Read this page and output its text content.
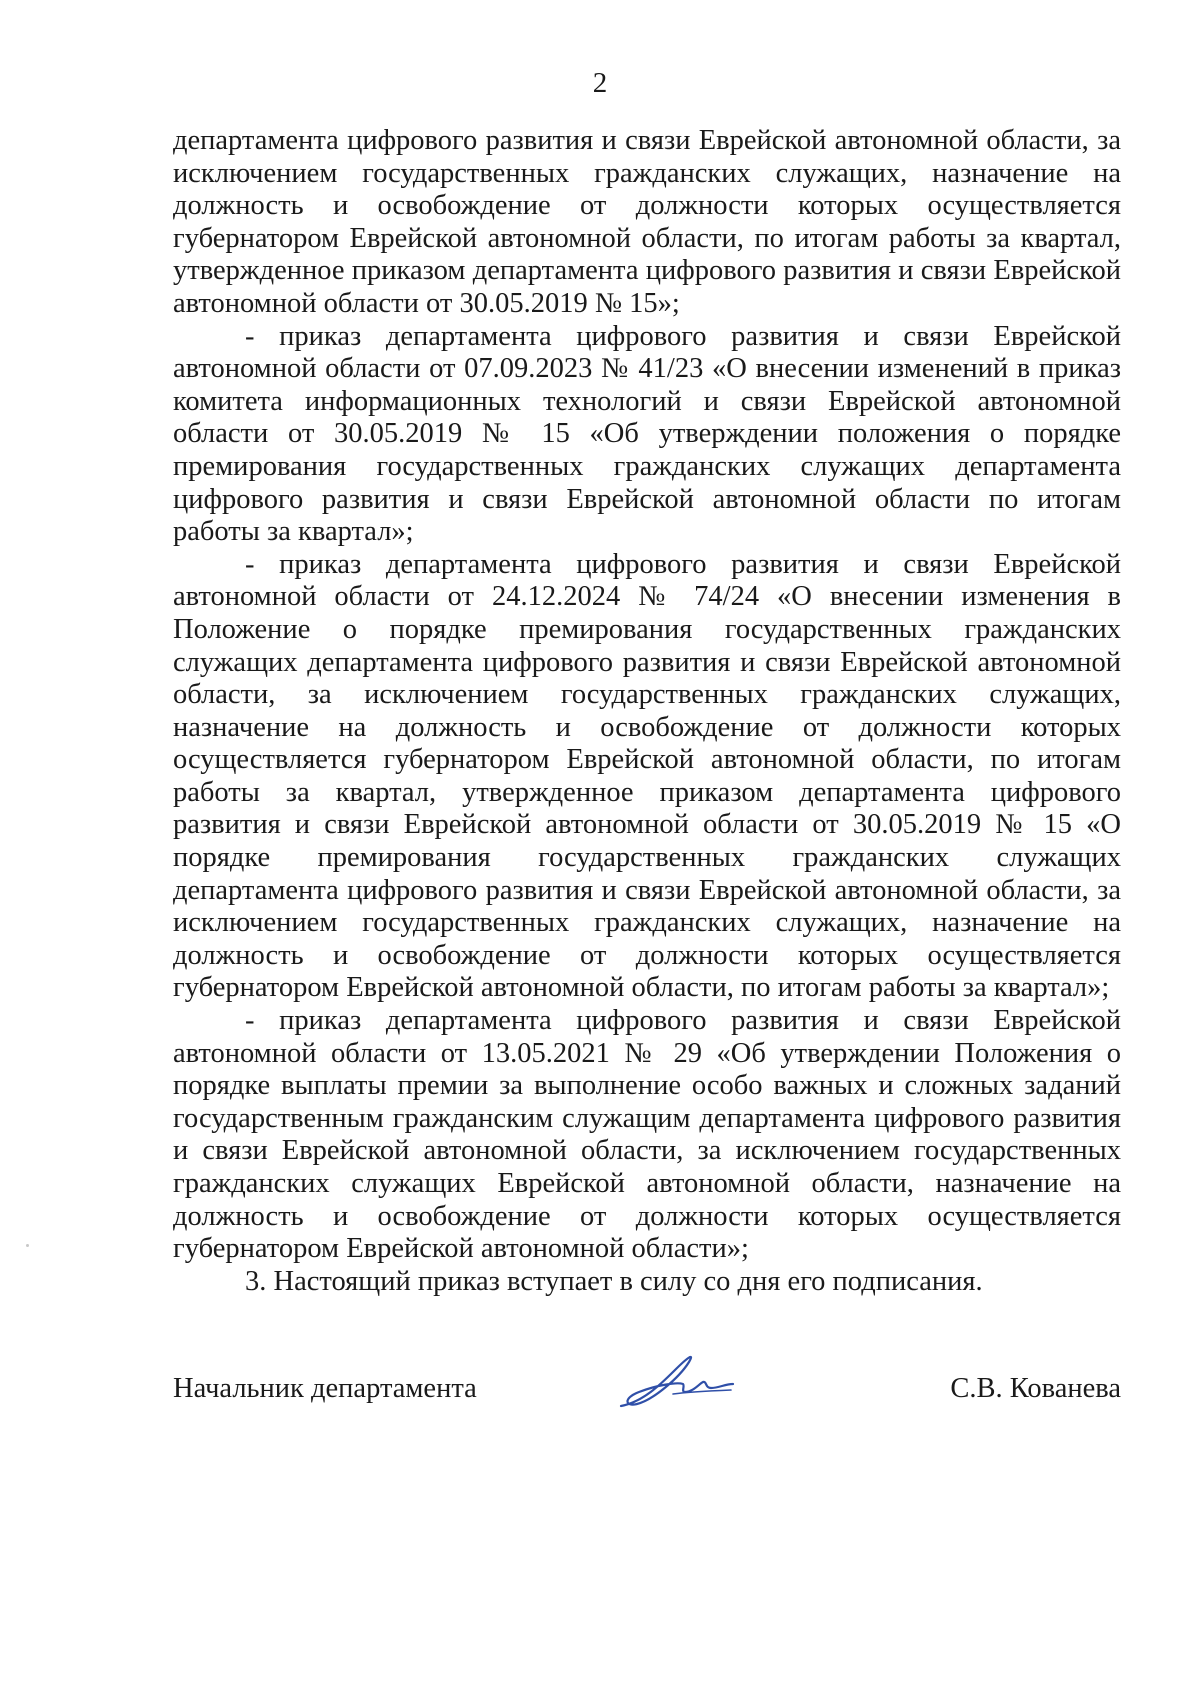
2

департамента цифрового развития и связи Еврейской автономной области, за исключением государственных гражданских служащих, назначение на должность и освобождение от должности которых осуществляется губернатором Еврейской автономной области, по итогам работы за квартал, утвержденное приказом департамента цифрового развития и связи Еврейской автономной области от 30.05.2019 № 15»;

- приказ департамента цифрового развития и связи Еврейской автономной области от 07.09.2023 № 41/23 «О внесении изменений в приказ комитета информационных технологий и связи Еврейской автономной области от 30.05.2019 № 15 «Об утверждении положения о порядке премирования государственных гражданских служащих департамента цифрового развития и связи Еврейской автономной области по итогам работы за квартал»;

- приказ департамента цифрового развития и связи Еврейской автономной области от 24.12.2024 № 74/24 «О внесении изменения в Положение о порядке премирования государственных гражданских служащих департамента цифрового развития и связи Еврейской автономной области, за исключением государственных гражданских служащих, назначение на должность и освобождение от должности которых осуществляется губернатором Еврейской автономной области, по итогам работы за квартал, утвержденное приказом департамента цифрового развития и связи Еврейской автономной области от 30.05.2019 № 15 «О порядке премирования государственных гражданских служащих департамента цифрового развития и связи Еврейской автономной области, за исключением государственных гражданских служащих, назначение на должность и освобождение от должности которых осуществляется губернатором Еврейской автономной области, по итогам работы за квартал»;

- приказ департамента цифрового развития и связи Еврейской автономной области от 13.05.2021 № 29 «Об утверждении Положения о порядке выплаты премии за выполнение особо важных и сложных заданий государственным гражданским служащим департамента цифрового развития и связи Еврейской автономной области, за исключением государственных гражданских служащих Еврейской автономной области, назначение на должность и освобождение от должности которых осуществляется губернатором Еврейской автономной области»;

3. Настоящий приказ вступает в силу со дня его подписания.

Начальник департамента	С.В. Кованева
